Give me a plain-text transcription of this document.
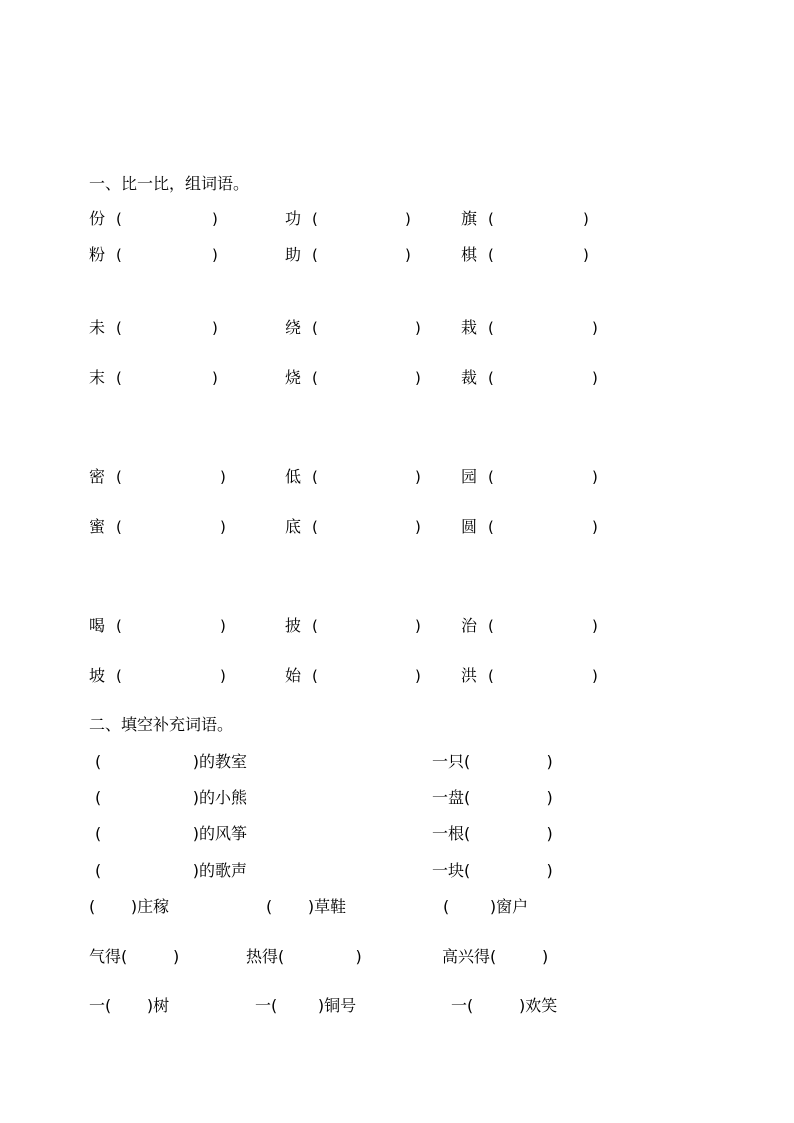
一、比一比，组词语。
份 (	)	功 (	)	旗 (	)
粉 (	)	助 (	)	棋 (	)
未 (	)	绕 (	)	栽 (	)
末 (	)	烧 (	)	裁 (	)
密 (	)	低 (	)	园 (	)
蜜 (	)	底 (	)	圆 (	)
喝 (	)	披 (	)	治 (	)
坡 (	)	始 (	)	洪 (	)
二、填空补充词语。
(                  )的教室	一只(               )
(                  )的小熊	一盘(               )
(                  )的风筝	一根(               )
(                  )的歌声	一块(               )
(       )庄稼	(       )草鞋	(        )窗户
气得(         )	热得(              )	高兴得(         )
一(       )树	一(        )铜号	一(         )欢笑
